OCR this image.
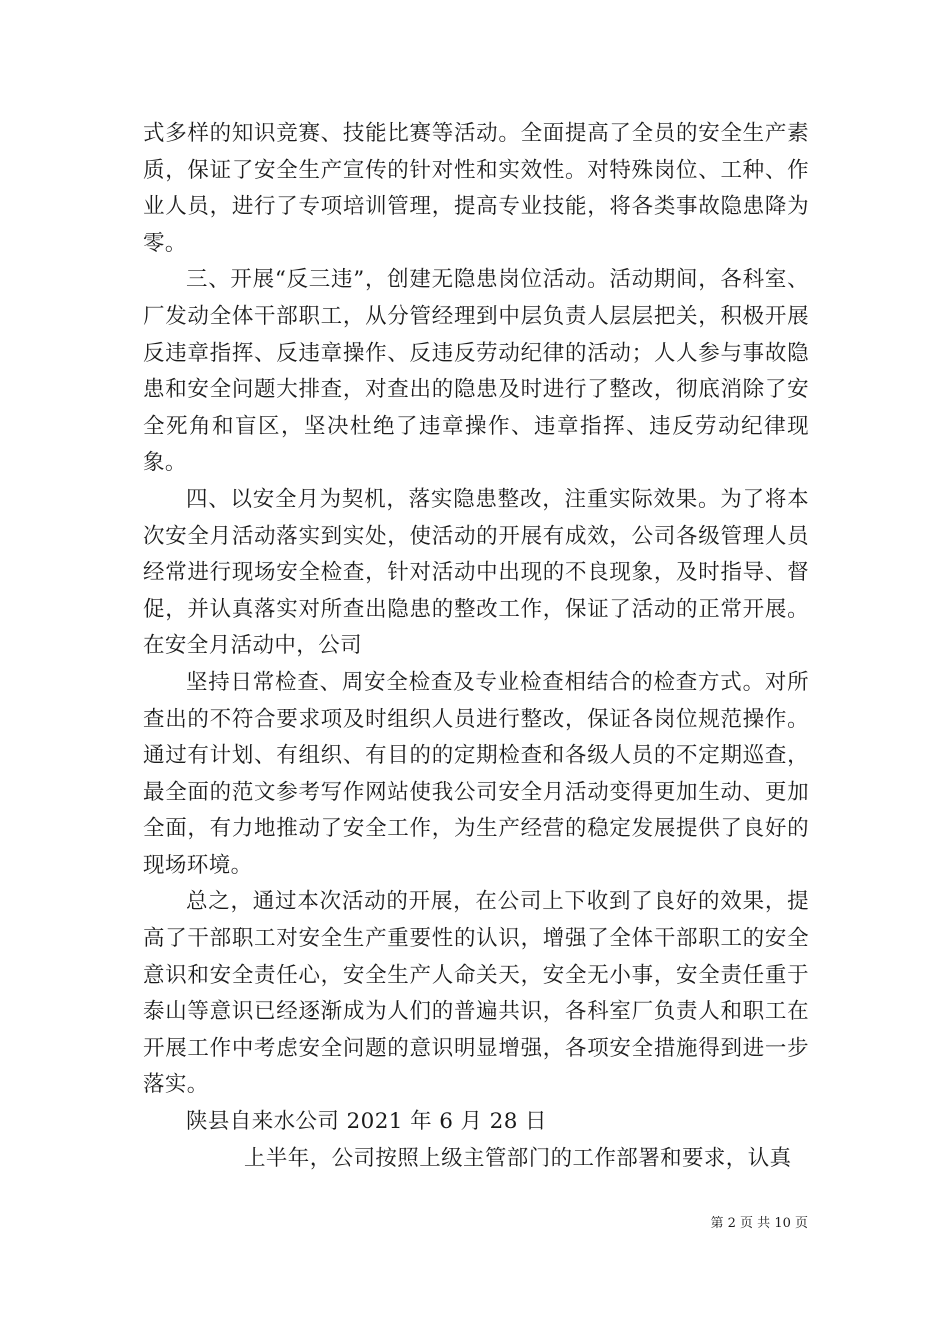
式多样的知识竞赛、技能比赛等活动。全面提高了全员的安全生产素质，保证了安全生产宣传的针对性和实效性。对特殊岗位、工种、作业人员，进行了专项培训管理，提高专业技能，将各类事故隐患降为零。

三、开展“反三违”，创建无隐患岗位活动。活动期间，各科室、厂发动全体干部职工，从分管经理到中层负责人层层把关，积极开展反违章指挥、反违章操作、反违反劳动纪律的活动；人人参与事故隐患和安全问题大排查，对查出的隐患及时进行了整改，彻底消除了安全死角和盲区，坚决杜绝了违章操作、违章指挥、违反劳动纪律现象。

四、以安全月为契机，落实隐患整改，注重实际效果。为了将本次安全月活动落实到实处，使活动的开展有成效，公司各级管理人员经常进行现场安全检查，针对活动中出现的不良现象，及时指导、督促，并认真落实对所查出隐患的整改工作，保证了活动的正常开展。在安全月活动中，公司

坚持日常检查、周安全检查及专业检查相结合的检查方式。对所查出的不符合要求项及时组织人员进行整改，保证各岗位规范操作。通过有计划、有组织、有目的的定期检查和各级人员的不定期巡查，最全面的范文参考写作网站使我公司安全月活动变得更加生动、更加全面，有力地推动了安全工作，为生产经营的稳定发展提供了良好的现场环境。

总之，通过本次活动的开展，在公司上下收到了良好的效果，提高了干部职工对安全生产重要性的认识，增强了全体干部职工的安全意识和安全责任心，安全生产人命关天，安全无小事，安全责任重于泰山等意识已经逐渐成为人们的普遍共识，各科室厂负责人和职工在开展工作中考虑安全问题的意识明显增强，各项安全措施得到进一步落实。

陕县自来水公司 2021 年 6 月 28 日

上半年，公司按照上级主管部门的工作部署和要求，认真

第 2 页 共 10 页
